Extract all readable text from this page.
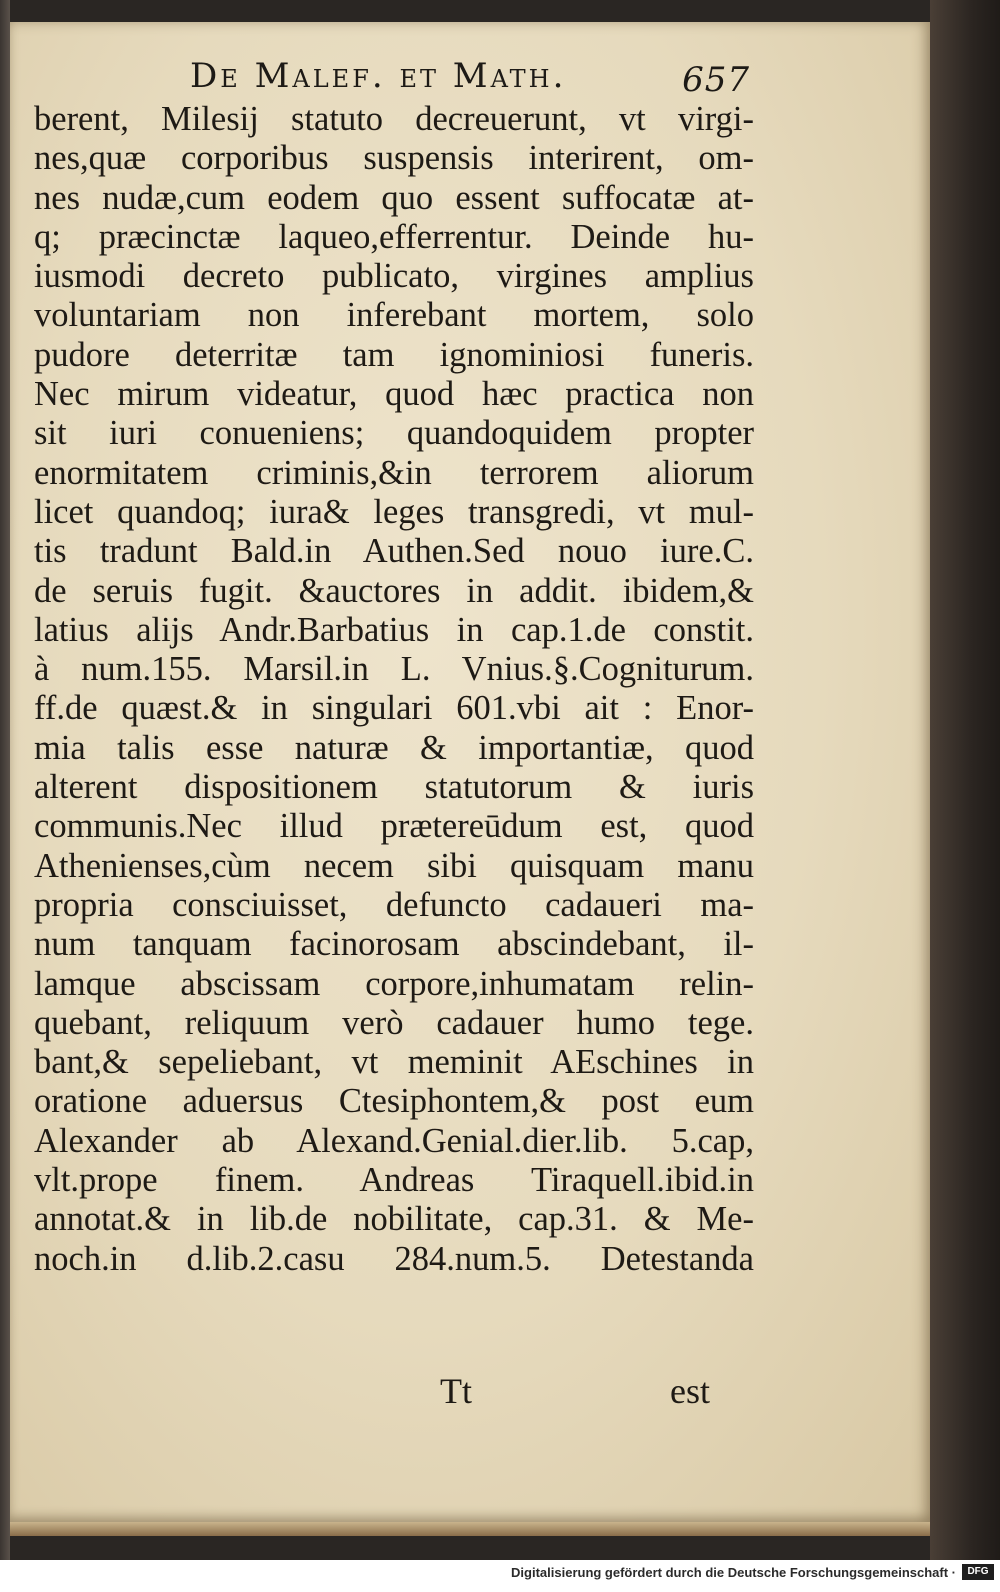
De Malef. et Math.	657
berent, Milesij statuto decreuerunt, vt virgi-
nes,quæ corporibus suspensis interirent, om-
nes nudæ,cum eodem quo essent suffocatæ at-
q; præcinctæ laqueo,efferrentur. Deinde hu-
iusmodi decreto publicato, virgines amplius
voluntariam non inferebant mortem, solo
pudore deterritæ tam ignominiosi funeris.
Nec mirum videatur, quod hæc practica non
sit iuri conueniens; quandoquidem propter
enormitatem criminis,&in terrorem aliorum
licet quandoq; iura& leges transgredi, vt mul-
tis tradunt Bald.in Authen.Sed nouo iure.C.
de seruis fugit. &auctores in addit. ibidem,&
latius alijs Andr.Barbatius in cap.1.de constit.
à num.155. Marsil.in L. Vnius.§.Cogniturum.
ff.de quæst.& in singulari 601.vbi ait : Enor-
mia talis esse naturæ & importantiæ, quod
alterent dispositionem statutorum & iuris
communis.Nec illud prætereūdum est, quod
Athenienses,cùm necem sibi quisquam manu
propria consciuisset, defuncto cadaueri ma-
num tanquam facinorosam abscindebant, il-
lamque abscissam corpore,inhumatam relin-
quebant, reliquum verò cadauer humo tege.
bant,& sepeliebant, vt meminit AEschines in
oratione aduersus Ctesiphontem,& post eum
Alexander ab Alexand.Genial.dier.lib. 5.cap,
vlt.prope finem. Andreas Tiraquell.ibid.in
annotat.& in lib.de nobilitate, cap.31. & Me-
noch.in d.lib.2.casu 284.num.5. Detestanda
Tt	est
Digitalisierung gefördert durch die Deutsche Forschungsgemeinschaft ·	DFG
